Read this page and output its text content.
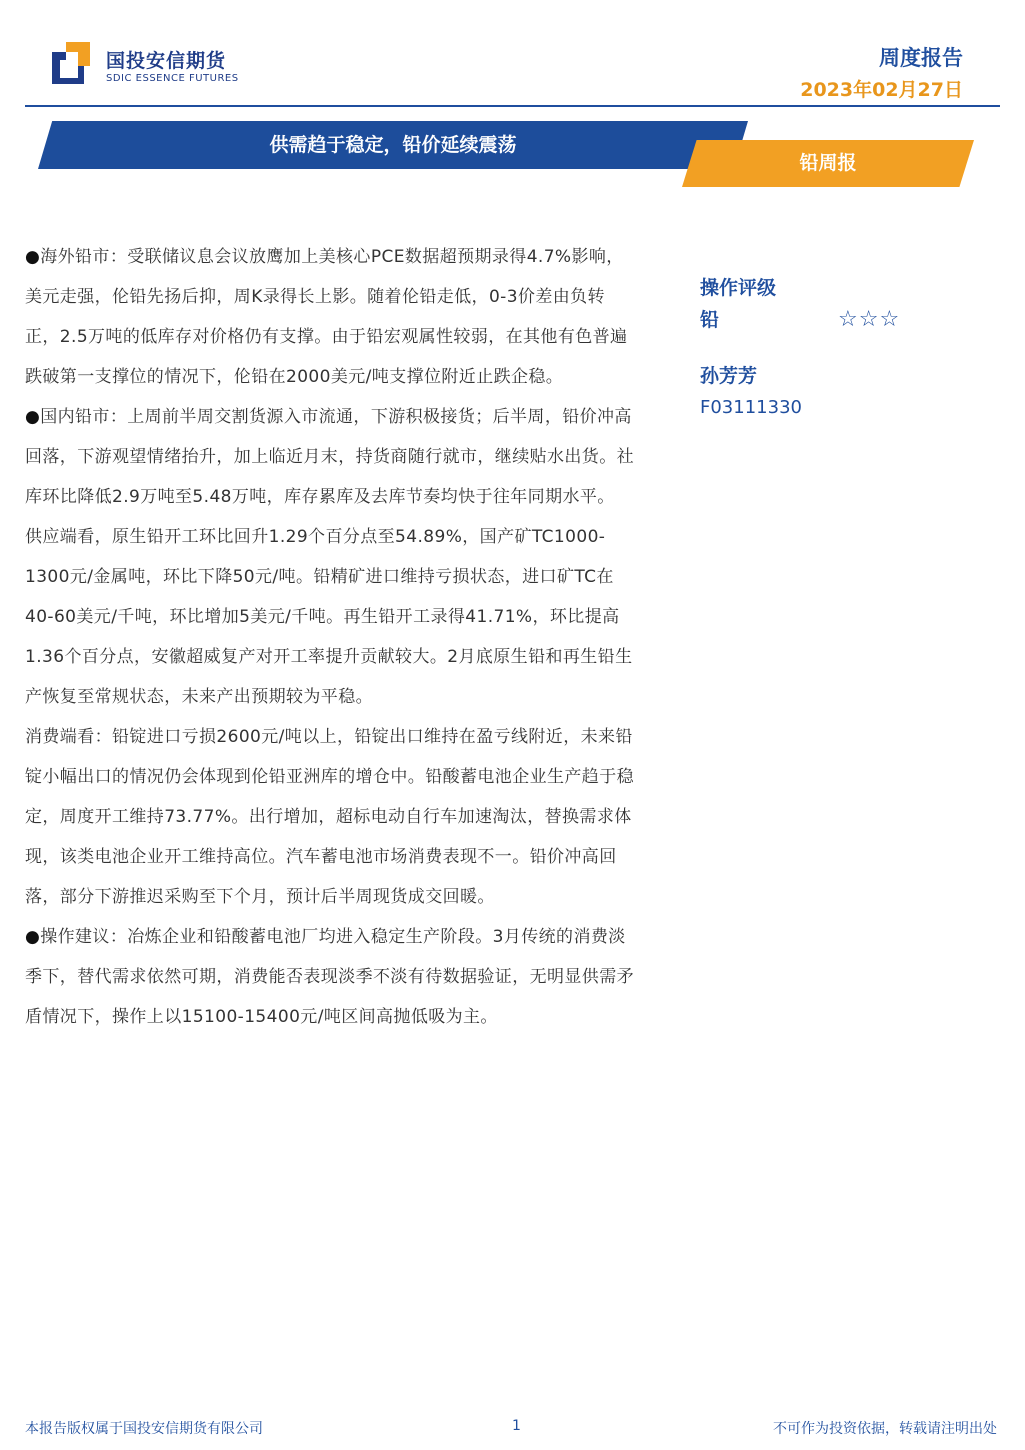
国投安信期货
SDIC ESSENCE FUTURES
周度报告
2023年02月27日
供需趋于稳定，铅价延续震荡
铅周报

●海外铅市：受联储议息会议放鹰加上美核心PCE数据超预期录得4.7%影响，美元走强，伦铅先扬后抑，周K录得长上影。随着伦铅走低，0-3价差由负转正，2.5万吨的低库存对价格仍有支撑。由于铅宏观属性较弱，在其他有色普遍跌破第一支撑位的情况下，伦铅在2000美元/吨支撑位附近止跌企稳。

●国内铅市：上周前半周交割货源入市流通，下游积极接货；后半周，铅价冲高回落，下游观望情绪抬升，加上临近月末，持货商随行就市，继续贴水出货。社库环比降低2.9万吨至5.48万吨，库存累库及去库节奏均快于往年同期水平。

供应端看，原生铅开工环比回升1.29个百分点至54.89%，国产矿TC1000-1300元/金属吨，环比下降50元/吨。铅精矿进口维持亏损状态，进口矿TC在40-60美元/千吨，环比增加5美元/千吨。再生铅开工录得41.71%，环比提高1.36个百分点，安徽超威复产对开工率提升贡献较大。2月底原生铅和再生铅生产恢复至常规状态，未来产出预期较为平稳。

消费端看：铅锭进口亏损2600元/吨以上，铅锭出口维持在盈亏线附近，未来铅锭小幅出口的情况仍会体现到伦铅亚洲库的增仓中。铅酸蓄电池企业生产趋于稳定，周度开工维持73.77%。出行增加，超标电动自行车加速淘汰，替换需求体现，该类电池企业开工维持高位。汽车蓄电池市场消费表现不一。铅价冲高回落，部分下游推迟采购至下个月，预计后半周现货成交回暖。

●操作建议：冶炼企业和铅酸蓄电池厂均进入稳定生产阶段。3月传统的消费淡季下，替代需求依然可期，消费能否表现淡季不淡有待数据验证，无明显供需矛盾情况下，操作上以15100-15400元/吨区间高抛低吸为主。

操作评级
铅	☆☆☆
孙芳芳
F03111330
本报告版权属于国投安信期货有限公司	1	不可作为投资依据，转载请注明出处
